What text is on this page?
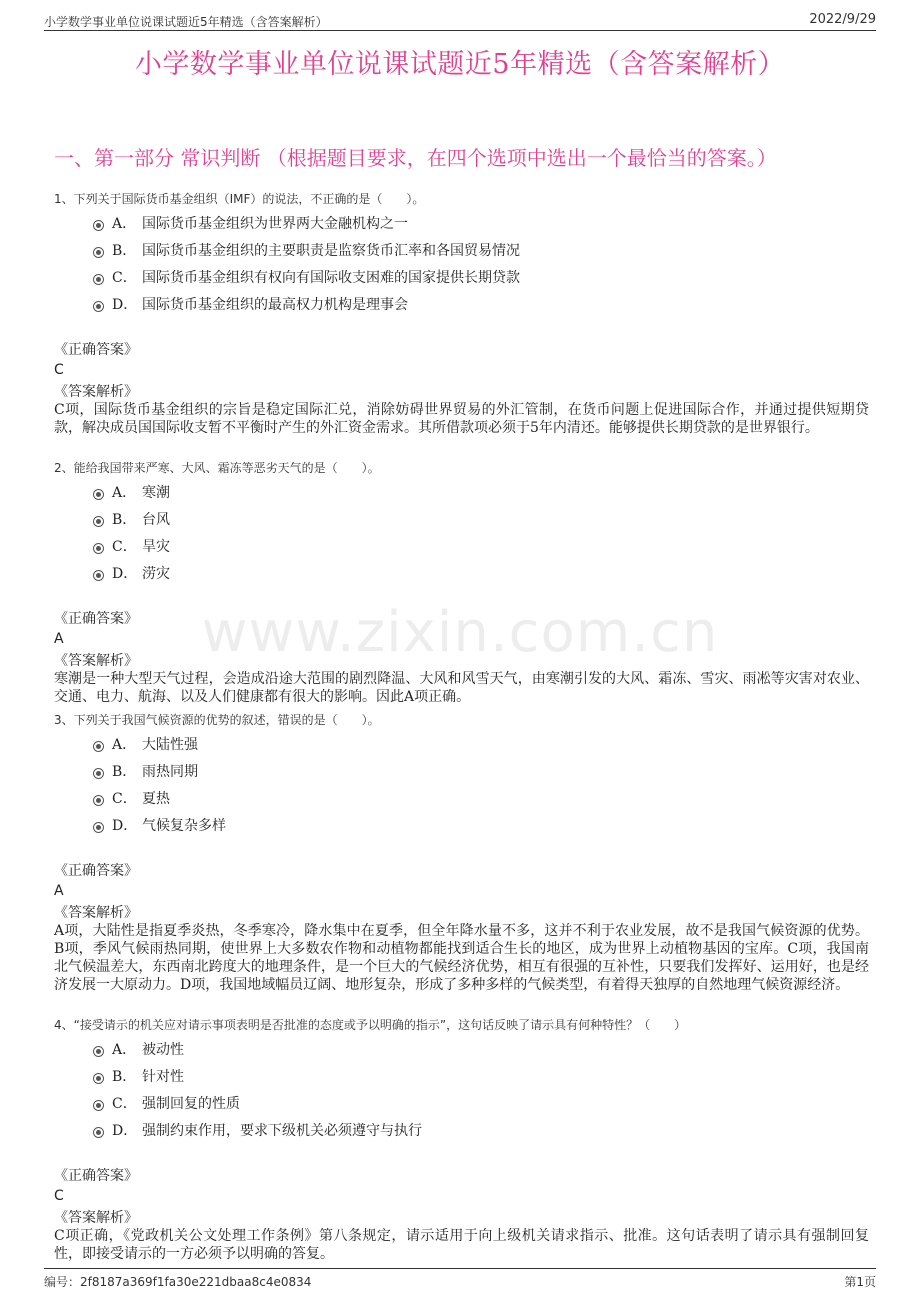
小学数学事业单位说课试题近5年精选（含答案解析）	2022/9/29
小学数学事业单位说课试题近5年精选（含答案解析）
一、第一部分 常识判断 （根据题目要求，在四个选项中选出一个最恰当的答案。）
www.zixin.com.cn

1、下列关于国际货币基金组织（IMF）的说法，不正确的是（　　）。

A． 国际货币基金组织为世界两大金融机构之一
B． 国际货币基金组织的主要职责是监察货币汇率和各国贸易情况
C． 国际货币基金组织有权向有国际收支困难的国家提供长期贷款
D． 国际货币基金组织的最高权力机构是理事会

《正确答案》

C

《答案解析》

C项，国际货币基金组织的宗旨是稳定国际汇兑，消除妨碍世界贸易的外汇管制，在货币问题上促进国际合作，并通过提供短期贷款，解决成员国国际收支暂不平衡时产生的外汇资金需求。其所借款项必须于5年内清还。能够提供长期贷款的是世界银行。

2、能给我国带来严寒、大风、霜冻等恶劣天气的是（　　）。

A． 寒潮
B． 台风
C． 旱灾
D． 涝灾

《正确答案》

A

《答案解析》

寒潮是一种大型天气过程，会造成沿途大范围的剧烈降温、大风和风雪天气，由寒潮引发的大风、霜冻、雪灾、雨凇等灾害对农业、交通、电力、航海、以及人们健康都有很大的影响。因此A项正确。

3、下列关于我国气候资源的优势的叙述，错误的是（　　）。

A． 大陆性强
B． 雨热同期
C． 夏热
D． 气候复杂多样

《正确答案》

A

《答案解析》

A项，大陆性是指夏季炎热，冬季寒冷，降水集中在夏季，但全年降水量不多，这并不利于农业发展，故不是我国气候资源的优势。B项，季风气候雨热同期，使世界上大多数农作物和动植物都能找到适合生长的地区，成为世界上动植物基因的宝库。C项，我国南北气候温差大，东西南北跨度大的地理条件，是一个巨大的气候经济优势，相互有很强的互补性，只要我们发挥好、运用好，也是经济发展一大原动力。D项，我国地域幅员辽阔、地形复杂，形成了多种多样的气候类型，有着得天独厚的自然地理气候资源经济。

4、“接受请示的机关应对请示事项表明是否批准的态度或予以明确的指示”，这句话反映了请示具有何种特性？（　　）

A． 被动性
B． 针对性
C． 强制回复的性质
D． 强制约束作用，要求下级机关必须遵守与执行

《正确答案》

C

《答案解析》

C项正确，《党政机关公文处理工作条例》第八条规定，请示适用于向上级机关请求指示、批准。这句话表明了请示具有强制回复性，即接受请示的一方必须予以明确的答复。

编号：2f8187a369f1fa30e221dbaa8c4e0834	第1页
